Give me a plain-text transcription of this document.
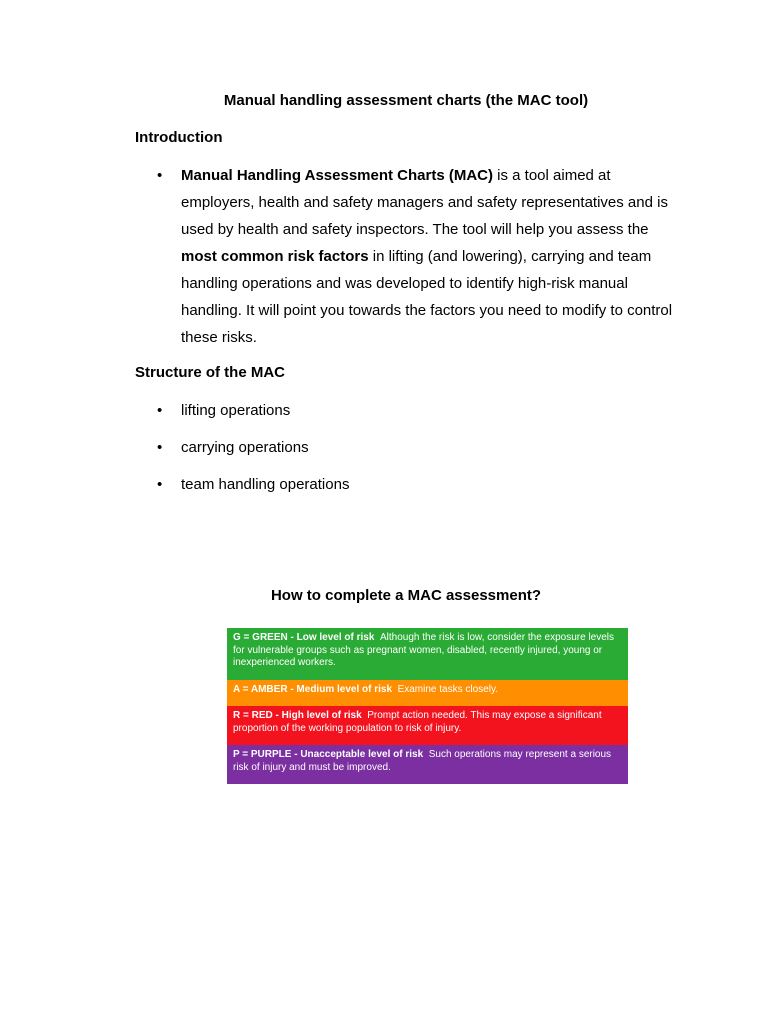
Manual handling assessment charts (the MAC tool)
Introduction
• Manual Handling Assessment Charts (MAC) is a tool aimed at employers, health and safety managers and safety representatives and is used by health and safety inspectors. The tool will help you assess the most common risk factors in lifting (and lowering), carrying and team handling operations and was developed to identify high-risk manual handling. It will point you towards the factors you need to modify to control these risks.
Structure of the MAC
• lifting operations
• carrying operations
• team handling operations
How to complete a MAC assessment?
G = GREEN - Low level of risk Although the risk is low, consider the exposure levels for vulnerable groups such as pregnant women, disabled, recently injured, young or inexperienced workers.
A = AMBER - Medium level of risk Examine tasks closely.
R = RED - High level of risk Prompt action needed. This may expose a significant proportion of the working population to risk of injury.
P = PURPLE - Unacceptable level of risk Such operations may represent a serious risk of injury and must be improved.
